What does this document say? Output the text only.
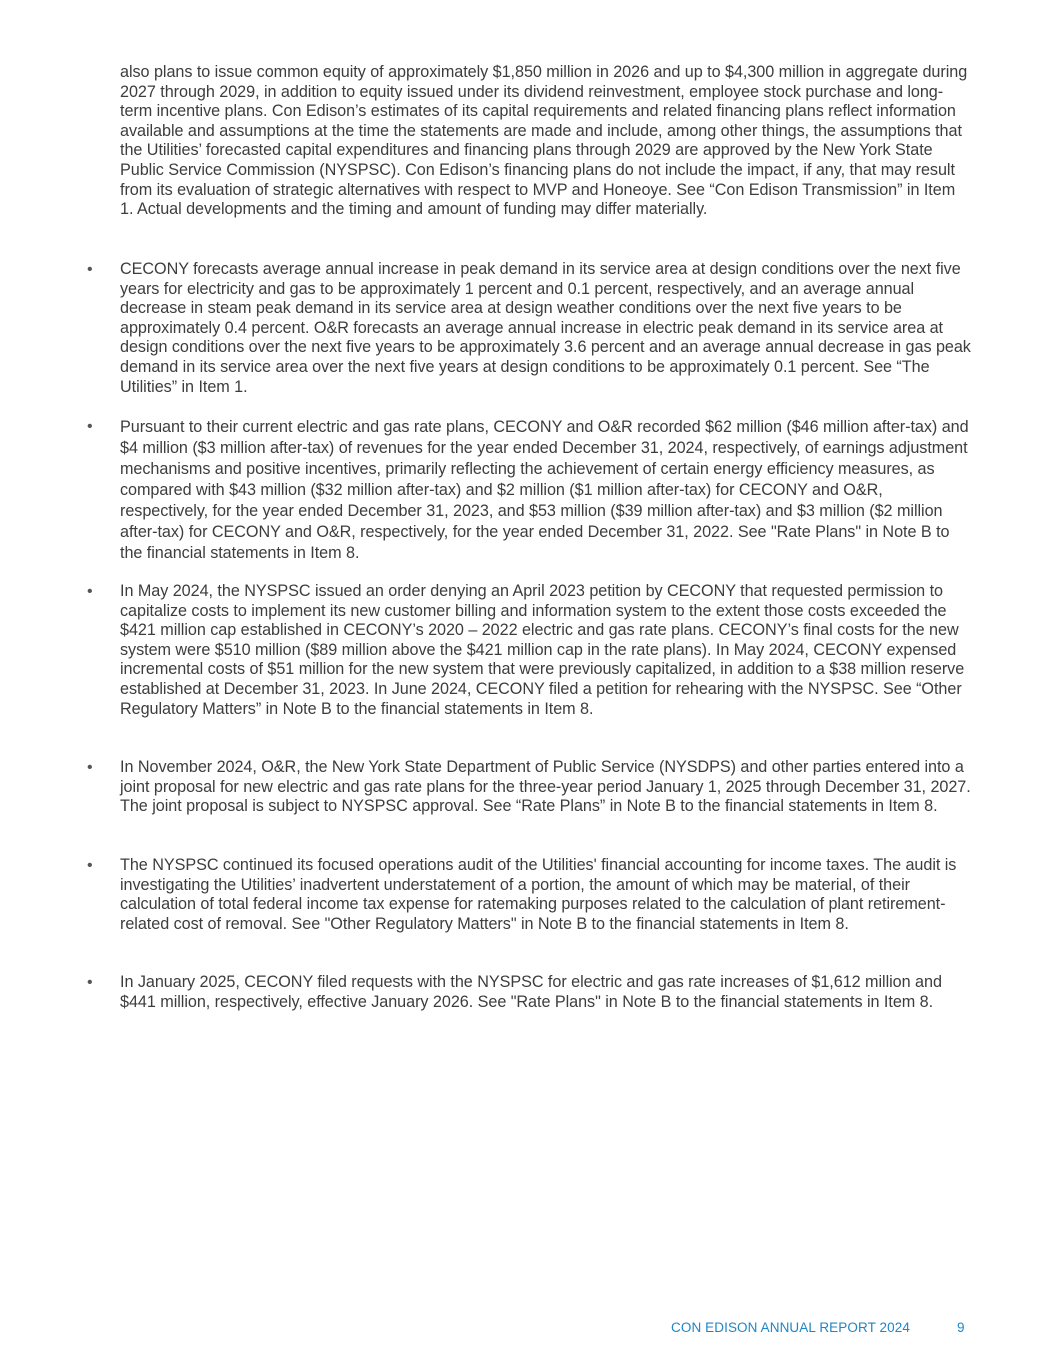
also plans to issue common equity of approximately $1,850 million in 2026 and up to $4,300 million in aggregate during 2027 through 2029, in addition to equity issued under its dividend reinvestment, employee stock purchase and long-term incentive plans. Con Edison’s estimates of its capital requirements and related financing plans reflect information available and assumptions at the time the statements are made and include, among other things, the assumptions that the Utilities’ forecasted capital expenditures and financing plans through 2029 are approved by the New York State Public Service Commission (NYSPSC). Con Edison’s financing plans do not include the impact, if any, that may result from its evaluation of strategic alternatives with respect to MVP and Honeoye. See “Con Edison Transmission” in Item 1. Actual developments and the timing and amount of funding may differ materially.

• CECONY forecasts average annual increase in peak demand in its service area at design conditions over the next five years for electricity and gas to be approximately 1 percent and 0.1 percent, respectively, and an average annual decrease in steam peak demand in its service area at design weather conditions over the next five years to be approximately 0.4 percent. O&R forecasts an average annual increase in electric peak demand in its service area at design conditions over the next five years to be approximately 3.6 percent and an average annual decrease in gas peak demand in its service area over the next five years at design conditions to be approximately 0.1 percent. See “The Utilities” in Item 1.

• Pursuant to their current electric and gas rate plans, CECONY and O&R recorded $62 million ($46 million after-tax) and $4 million ($3 million after-tax) of revenues for the year ended December 31, 2024, respectively, of earnings adjustment mechanisms and positive incentives, primarily reflecting the achievement of certain energy efficiency measures, as compared with $43 million ($32 million after-tax) and $2 million ($1 million after-tax) for CECONY and O&R, respectively, for the year ended December 31, 2023, and $53 million ($39 million after-tax) and $3 million ($2 million after-tax) for CECONY and O&R, respectively, for the year ended December 31, 2022. See "Rate Plans" in Note B to the financial statements in Item 8.

• In May 2024, the NYSPSC issued an order denying an April 2023 petition by CECONY that requested permission to capitalize costs to implement its new customer billing and information system to the extent those costs exceeded the $421 million cap established in CECONY’s 2020 – 2022 electric and gas rate plans. CECONY’s final costs for the new system were $510 million ($89 million above the $421 million cap in the rate plans). In May 2024, CECONY expensed incremental costs of $51 million for the new system that were previously capitalized, in addition to a $38 million reserve established at December 31, 2023. In June 2024, CECONY filed a petition for rehearing with the NYSPSC. See “Other Regulatory Matters” in Note B to the financial statements in Item 8.

• In November 2024, O&R, the New York State Department of Public Service (NYSDPS) and other parties entered into a joint proposal for new electric and gas rate plans for the three-year period January 1, 2025 through December 31, 2027. The joint proposal is subject to NYSPSC approval. See “Rate Plans” in Note B to the financial statements in Item 8.

• The NYSPSC continued its focused operations audit of the Utilities' financial accounting for income taxes. The audit is investigating the Utilities’ inadvertent understatement of a portion, the amount of which may be material, of their calculation of total federal income tax expense for ratemaking purposes related to the calculation of plant retirement-related cost of removal. See "Other Regulatory Matters" in Note B to the financial statements in Item 8.

• In January 2025, CECONY filed requests with the NYSPSC for electric and gas rate increases of $1,612 million and $441 million, respectively, effective January 2026. See "Rate Plans" in Note B to the financial statements in Item 8.

CON EDISON ANNUAL REPORT 2024	9
